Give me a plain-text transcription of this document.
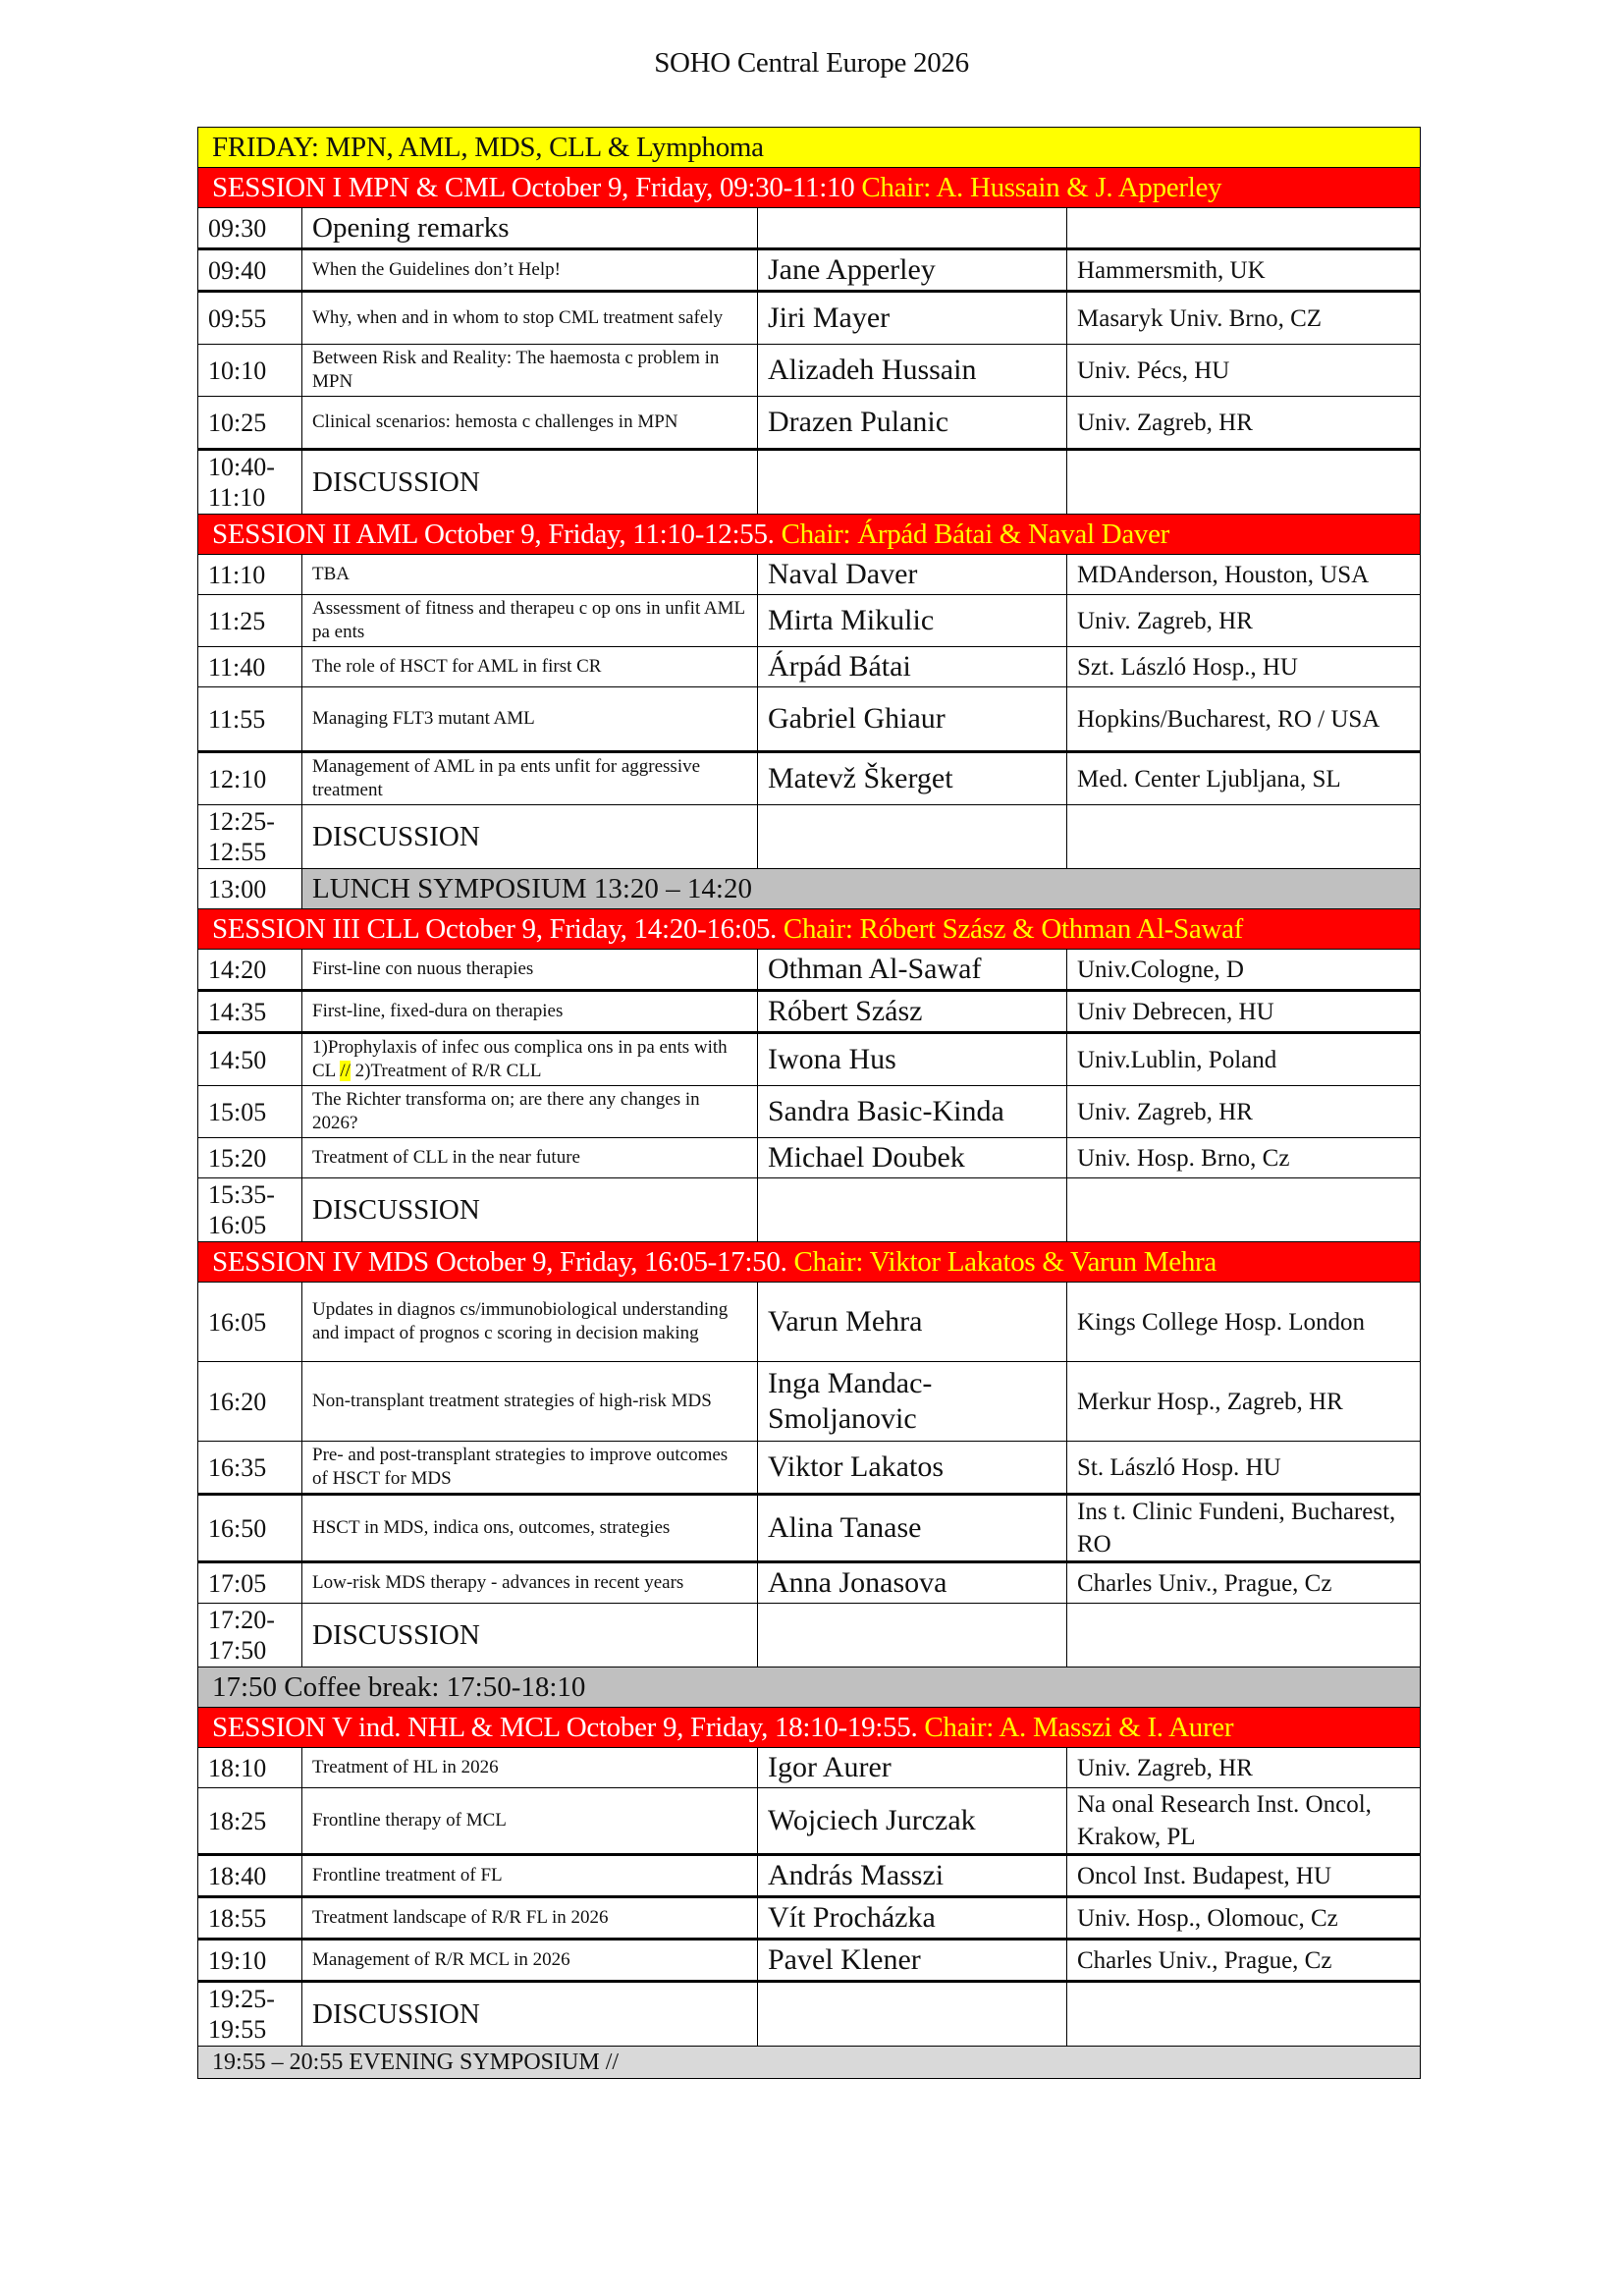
SOHO Central Europe 2026
FRIDAY: MPN, AML, MDS, CLL & Lymphoma			
SESSION I MPN & CML October 9, Friday, 09:30-11:10 Chair: A. Hussain & J. Apperley			
09:30	Opening remarks		
09:40	When the Guidelines don’t Help!	Jane Apperley	Hammersmith, UK
09:55	Why, when and in whom to stop CML treatment safely	Jiri Mayer	Masaryk Univ. Brno, CZ
10:10	Between Risk and Reality: The haemosta c problem in MPN	Alizadeh Hussain	Univ. Pécs, HU
10:25	Clinical scenarios: hemosta c challenges in MPN	Drazen Pulanic	Univ. Zagreb, HR

10:40-
11:10	DISCUSSION		
SESSION II AML October 9, Friday, 11:10-12:55. Chair: Árpád Bátai & Naval Daver			
11:10	TBA	Naval Daver	MDAnderson, Houston, USA
11:25	Assessment of fitness and therapeu c op ons in unfit AML pa ents	Mirta Mikulic	Univ. Zagreb, HR
11:40	The role of HSCT for AML in first CR	Árpád Bátai	Szt. László Hosp., HU
11:55	Managing FLT3 mutant AML	Gabriel Ghiaur	Hopkins/Bucharest, RO / USA
12:10	Management of AML in pa ents unfit for aggressive treatment	Matevž Škerget	Med. Center Ljubljana, SL

12:25-
12:55	DISCUSSION		
13:00	LUNCH SYMPOSIUM 13:20 – 14:20		
SESSION III CLL October 9, Friday, 14:20-16:05. Chair: Róbert Szász & Othman Al-Sawaf			
14:20	First-line con nuous therapies	Othman Al-Sawaf	Univ.Cologne, D
14:35	First-line, fixed-dura on therapies	Róbert Szász	Univ Debrecen, HU
14:50	1)Prophylaxis of infec ous complica ons in pa ents with CL // 2)Treatment of R/R CLL	Iwona Hus	Univ.Lublin, Poland
15:05	The Richter transforma on; are there any changes in 2026?	Sandra Basic-Kinda	Univ. Zagreb, HR
15:20	Treatment of CLL in the near future	Michael Doubek	Univ. Hosp. Brno, Cz

15:35-
16:05	DISCUSSION		
SESSION IV MDS October 9, Friday, 16:05-17:50. Chair: Viktor Lakatos & Varun Mehra			
16:05	Updates in diagnos cs/immunobiological understanding and impact of prognos c scoring in decision making	Varun Mehra	Kings College Hosp. London
16:20	Non-transplant treatment strategies of high-risk MDS	Inga Mandac-Smoljanovic	Merkur Hosp., Zagreb, HR
16:35	Pre- and post-transplant strategies to improve outcomes of HSCT for MDS	Viktor Lakatos	St. László Hosp. HU
16:50	HSCT in MDS, indica ons, outcomes, strategies	Alina Tanase	Ins t. Clinic Fundeni, Bucharest, RO
17:05	Low-risk MDS therapy - advances in recent years	Anna Jonasova	Charles Univ., Prague, Cz

17:20-
17:50	DISCUSSION		
17:50 Coffee break: 17:50-18:10			
SESSION V ind. NHL & MCL October 9, Friday, 18:10-19:55. Chair: A. Masszi & I. Aurer			
18:10	Treatment of HL in 2026	Igor Aurer	Univ. Zagreb, HR
18:25	Frontline therapy of MCL	Wojciech Jurczak	Na onal Research Inst. Oncol, Krakow, PL
18:40	Frontline treatment of FL	András Masszi	Oncol Inst. Budapest, HU
18:55	Treatment landscape of R/R FL in 2026	Vít Procházka	Univ. Hosp., Olomouc, Cz
19:10	Management of R/R MCL in 2026	Pavel Klener	Charles Univ., Prague, Cz

19:25-
19:55	DISCUSSION		
19:55 – 20:55 EVENING SYMPOSIUM //			
